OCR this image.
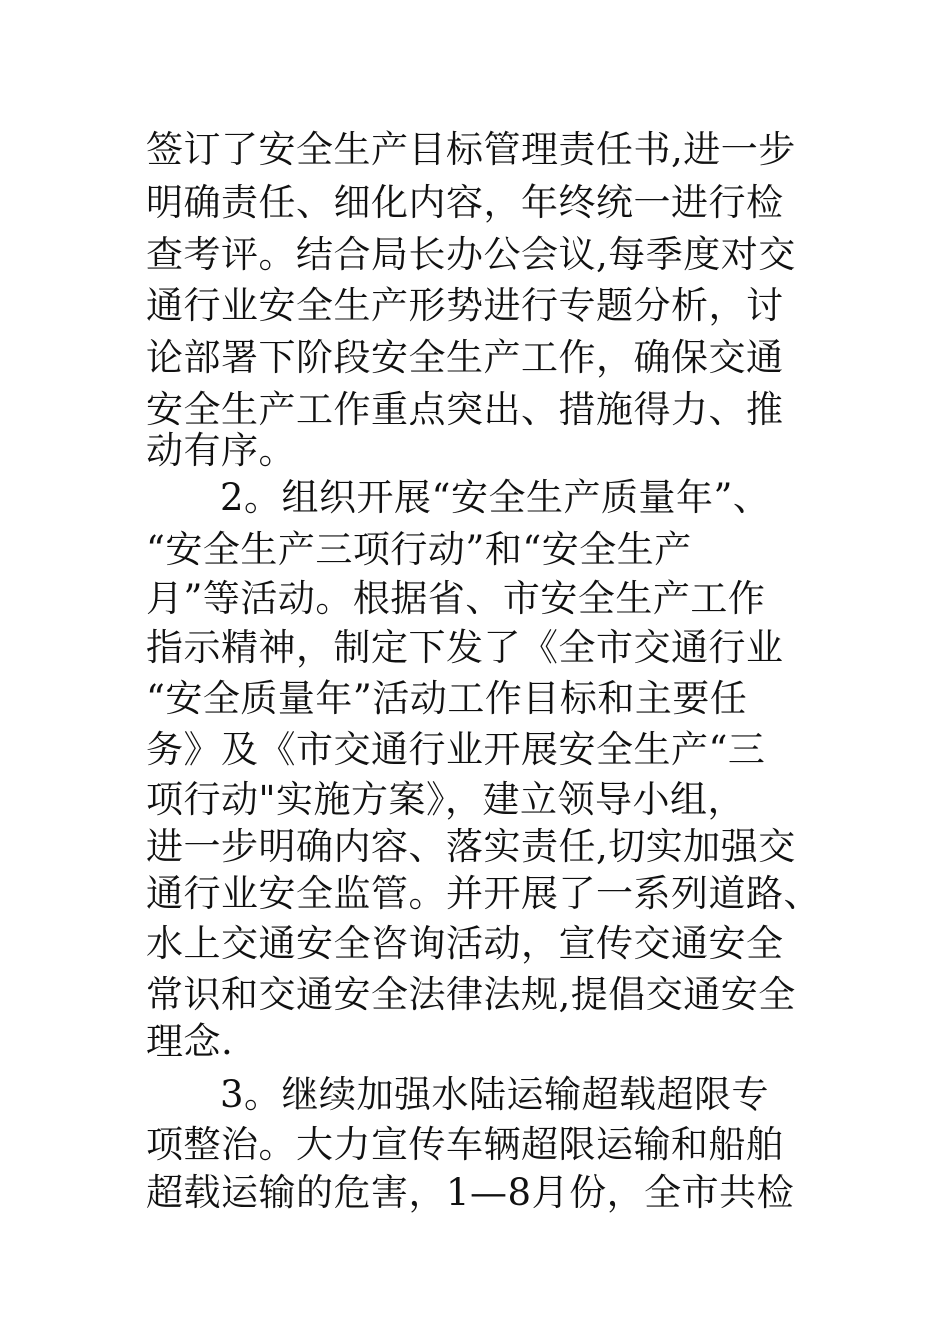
签订了安全生产目标管理责任书,进一步
明确责任、细化内容，年终统一进行检
查考评。结合局长办公会议,每季度对交
通行业安全生产形势进行专题分析，讨
论部署下阶段安全生产工作，确保交通
安全生产工作重点突出、措施得力、推
动有序。
2。组织开展“安全生产质量年”、
“安全生产三项行动”和“安全生产
月”等活动。根据省、市安全生产工作
指示精神，制定下发了《全市交通行业
“安全质量年”活动工作目标和主要任
务》及《市交通行业开展安全生产“三
项行动"实施方案》，建立领导小组，
进一步明确内容、落实责任,切实加强交
通行业安全监管。并开展了一系列道路、
水上交通安全咨询活动，宣传交通安全
常识和交通安全法律法规,提倡交通安全
理念.
3。继续加强水陆运输超载超限专
项整治。大力宣传车辆超限运输和船舶
超载运输的危害，1—8月份，全市共检
